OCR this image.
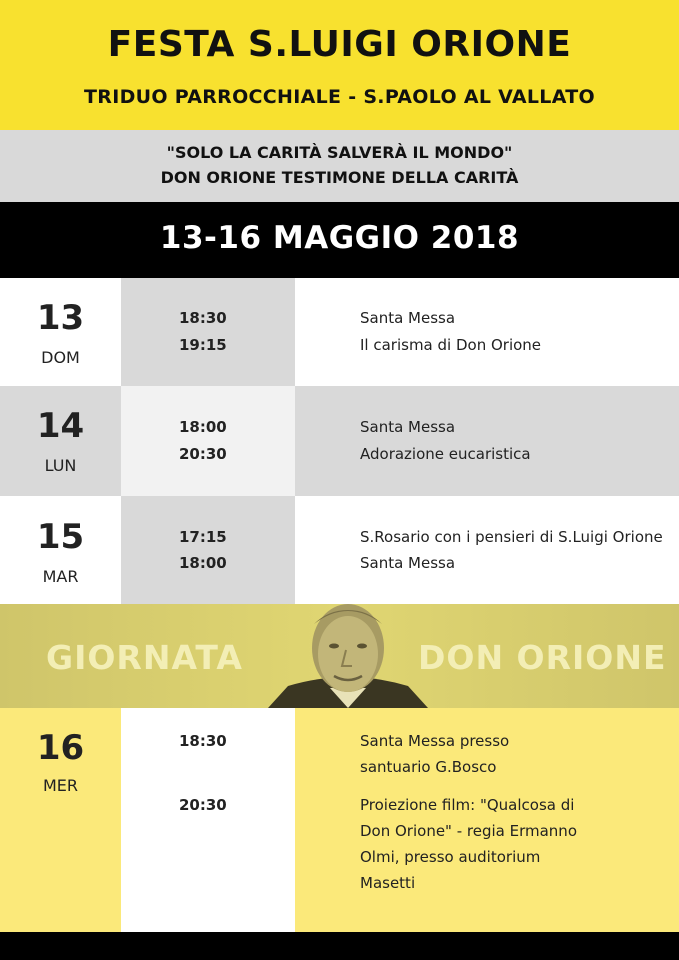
FESTA S.LUIGI ORIONE
TRIDUO PARROCCHIALE - S.PAOLO AL VALLATO
"SOLO LA CARITÀ SALVERÀ IL MONDO"
DON ORIONE TESTIMONE DELLA CARITÀ
13-16 MAGGIO 2018
13
DOM
18:30
19:15
Santa Messa
Il carisma di Don Orione
14
LUN
18:00
20:30
Santa Messa
Adorazione eucaristica
15
MAR
17:15
18:00
S.Rosario con i pensieri di S.Luigi Orione
Santa Messa
GIORNATA	DON ORIONE
16
MER
18:30
20:30
Santa Messa presso
santuario G.Bosco
Proiezione film: "Qualcosa di
Don Orione" - regia Ermanno
Olmi, presso auditorium
Masetti
